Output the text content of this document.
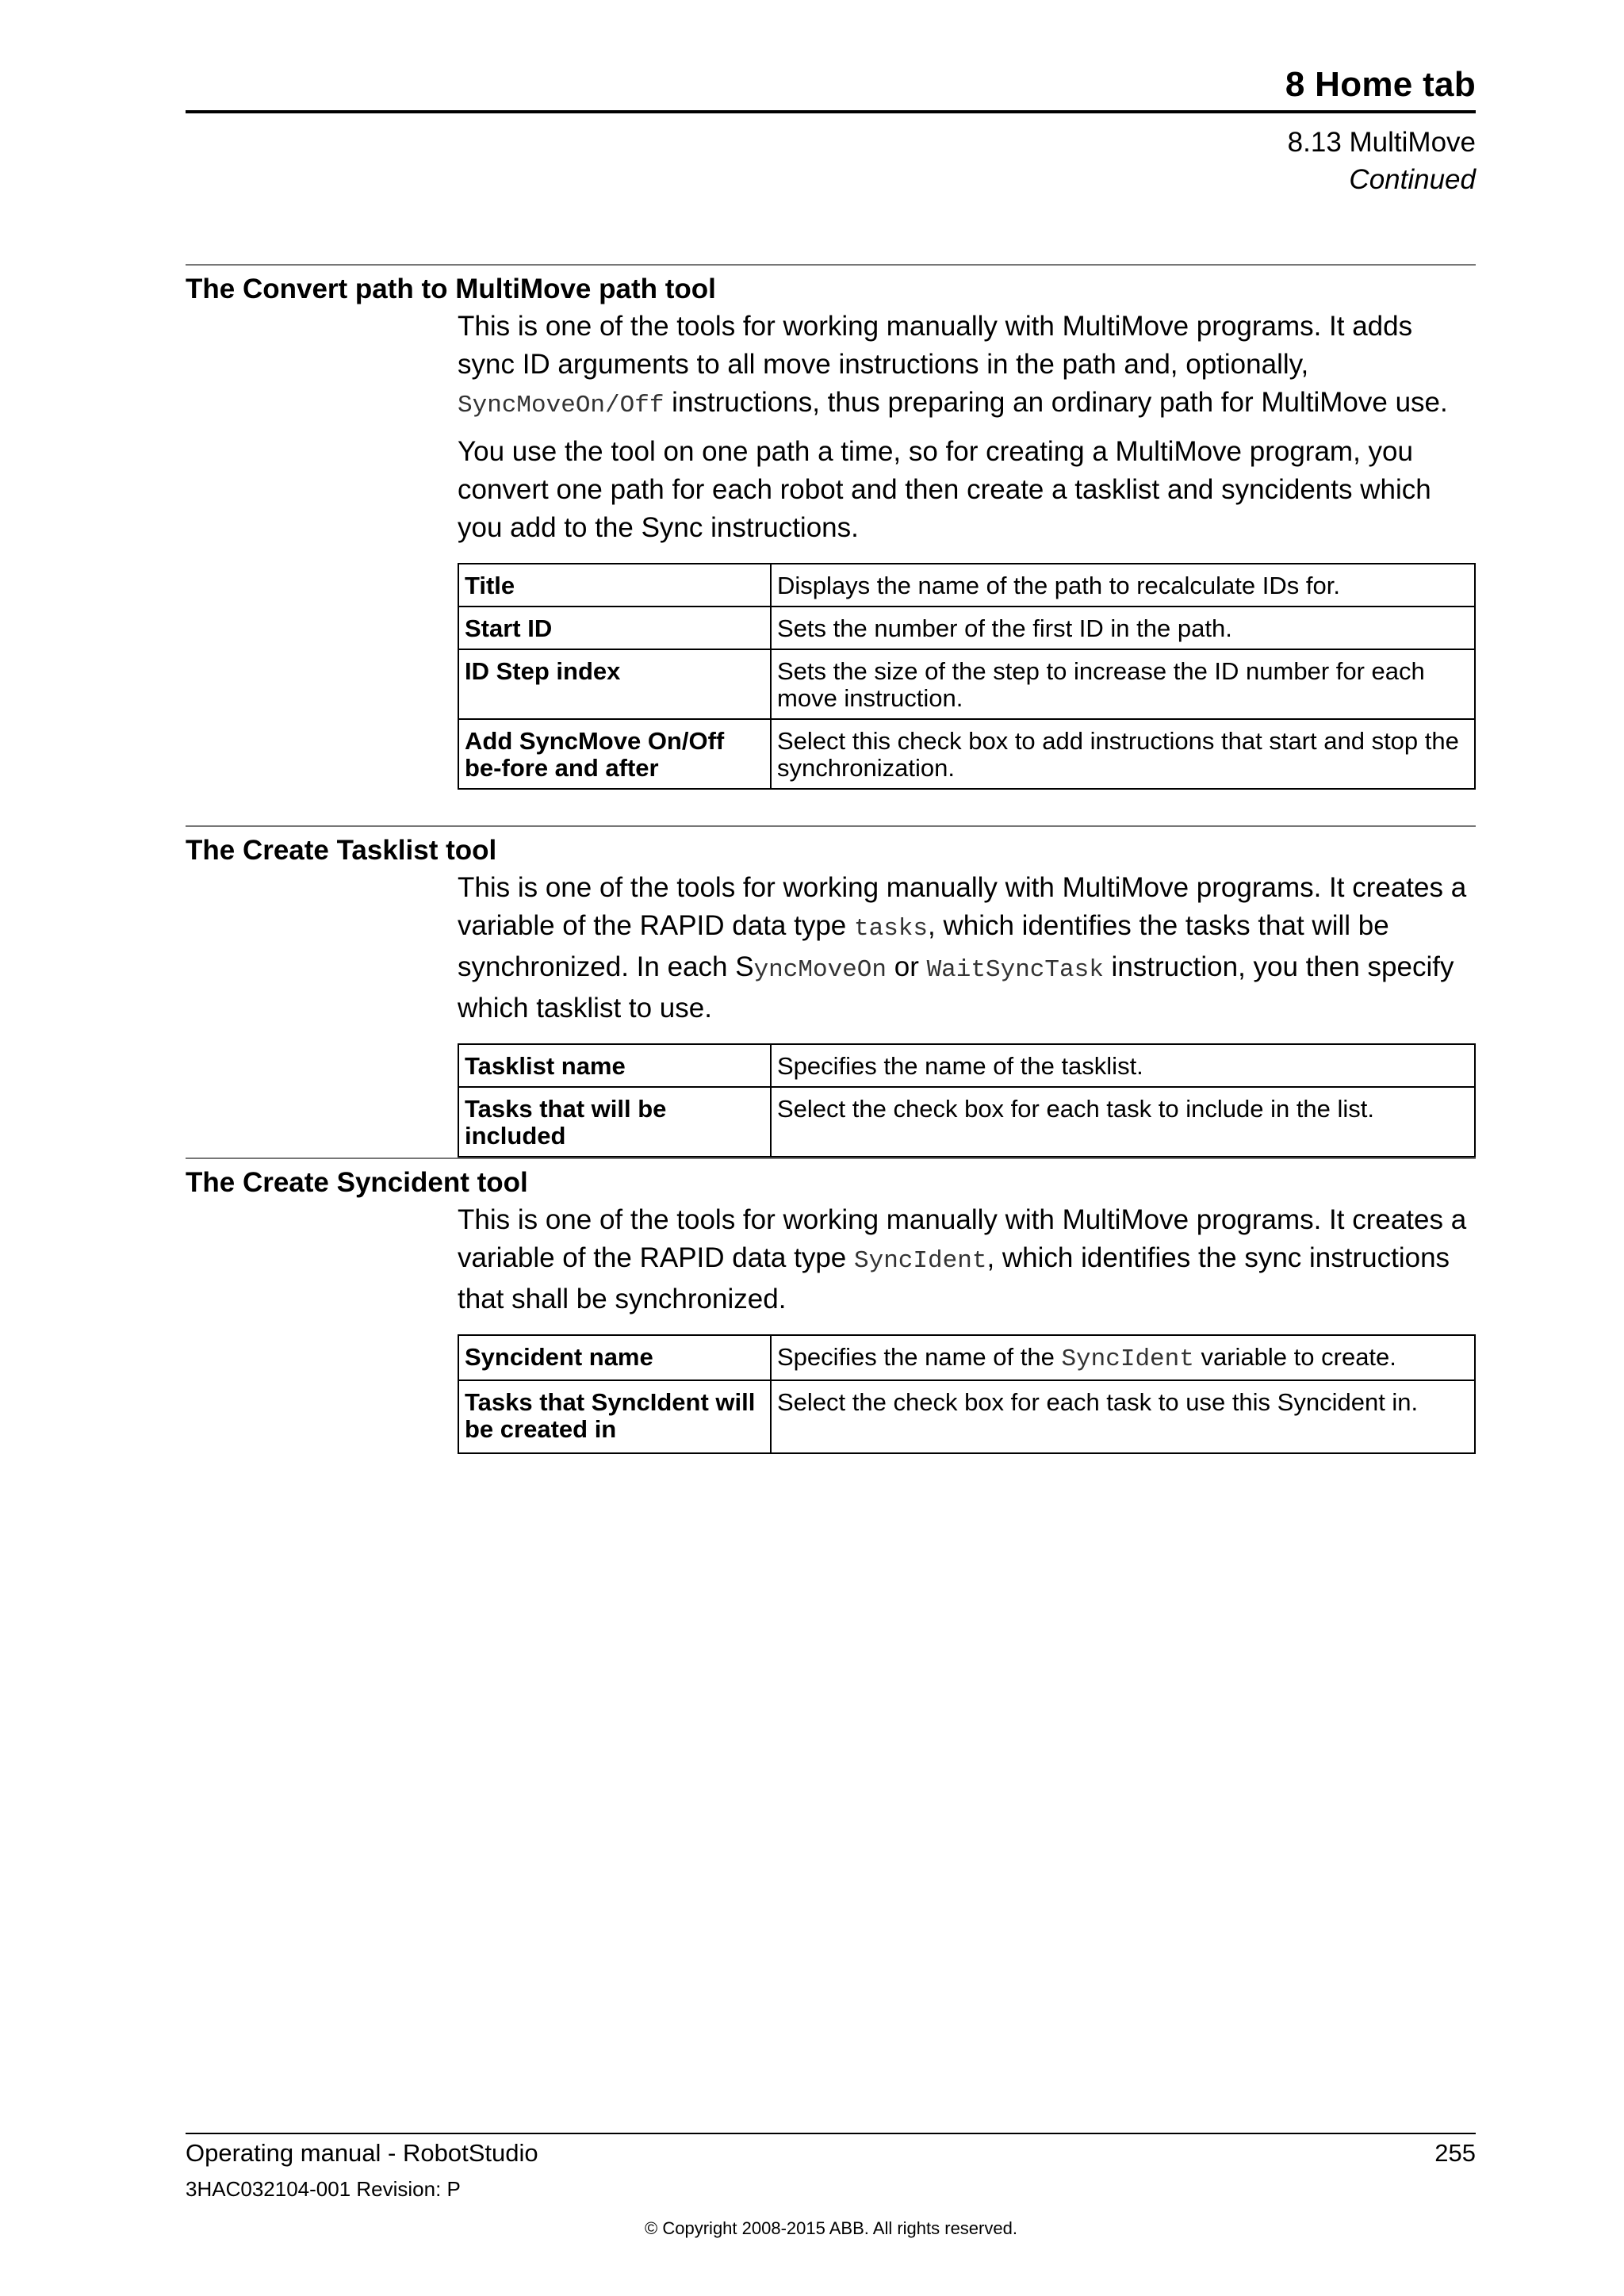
8 Home tab
8.13 MultiMove
Continued
The Convert path to MultiMove path tool

This is one of the tools for working manually with MultiMove programs. It adds sync ID arguments to all move instructions in the path and, optionally, SyncMoveOn/Off instructions, thus preparing an ordinary path for MultiMove use.

You use the tool on one path a time, so for creating a MultiMove program, you convert one path for each robot and then create a tasklist and syncidents which you add to the Sync instructions.

Title	Displays the name of the path to recalculate IDs for.
Start ID	Sets the number of the first ID in the path.
ID Step index	Sets the size of the step to increase the ID number for each move instruction.
Add SyncMove On/Off be-fore and after	Select this check box to add instructions that start and stop the synchronization.
The Create Tasklist tool

This is one of the tools for working manually with MultiMove programs. It creates a variable of the RAPID data type tasks, which identifies the tasks that will be synchronized. In each SyncMoveOn or WaitSyncTask instruction, you then specify which tasklist to use.

Tasklist name	Specifies the name of the tasklist.
Tasks that will be included	Select the check box for each task to include in the list.
The Create Syncident tool

This is one of the tools for working manually with MultiMove programs. It creates a variable of the RAPID data type SyncIdent, which identifies the sync instructions that shall be synchronized.

Syncident name	Specifies the name of the SyncIdent variable to create.
Tasks that SyncIdent will be created in	Select the check box for each task to use this Syncident in.
Operating manual - RobotStudio	255
3HAC032104-001 Revision: P
© Copyright 2008-2015 ABB. All rights reserved.
